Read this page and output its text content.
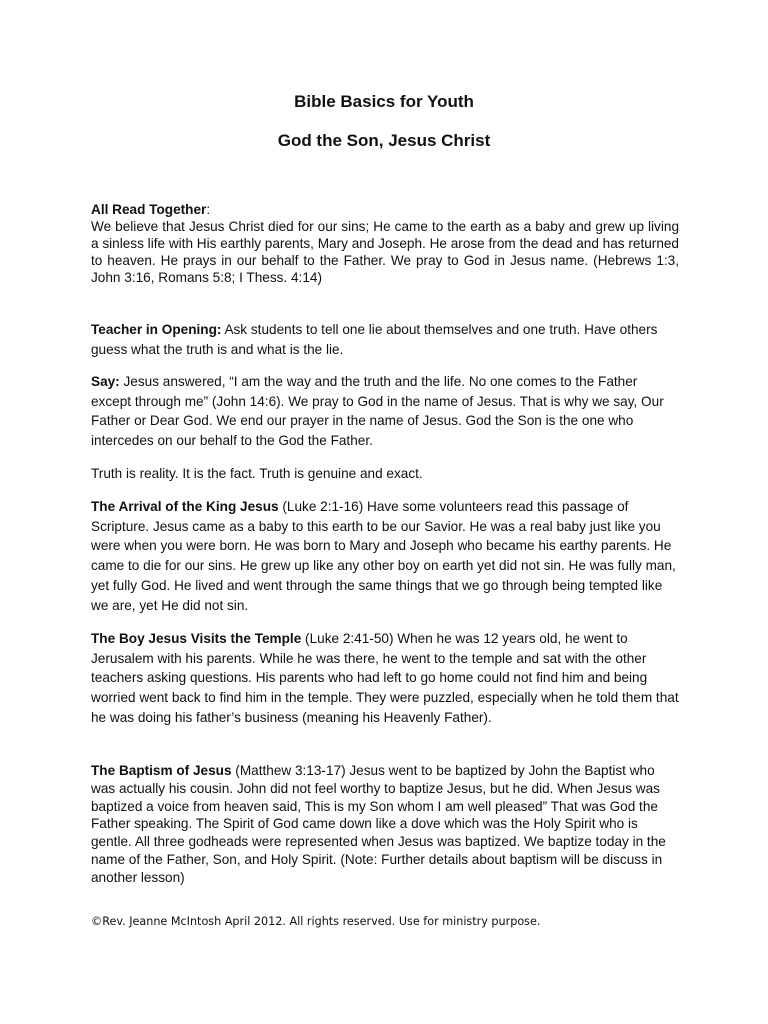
Bible Basics for Youth
God the Son, Jesus Christ

All Read Together:
We believe that Jesus Christ died for our sins; He came to the earth as a baby and grew up living a sinless life with His earthly parents, Mary and Joseph. He arose from the dead and has returned to heaven. He prays in our behalf to the Father. We pray to God in Jesus name. (Hebrews 1:3, John 3:16, Romans 5:8; I Thess. 4:14)

Teacher in Opening: Ask students to tell one lie about themselves and one truth. Have others guess what the truth is and what is the lie.

Say: Jesus answered, “I am the way and the truth and the life. No one comes to the Father except through me” (John 14:6). We pray to God in the name of Jesus. That is why we say, Our Father or Dear God. We end our prayer in the name of Jesus. God the Son is the one who intercedes on our behalf to the God the Father.

Truth is reality. It is the fact. Truth is genuine and exact.

The Arrival of the King Jesus (Luke 2:1-16) Have some volunteers read this passage of Scripture. Jesus came as a baby to this earth to be our Savior. He was a real baby just like you were when you were born. He was born to Mary and Joseph who became his earthy parents. He came to die for our sins. He grew up like any other boy on earth yet did not sin. He was fully man, yet fully God. He lived and went through the same things that we go through being tempted like we are, yet He did not sin.

The Boy Jesus Visits the Temple (Luke 2:41-50) When he was 12 years old, he went to Jerusalem with his parents. While he was there, he went to the temple and sat with the other teachers asking questions. His parents who had left to go home could not find him and being worried went back to find him in the temple. They were puzzled, especially when he told them that he was doing his father’s business (meaning his Heavenly Father).

The Baptism of Jesus (Matthew 3:13-17) Jesus went to be baptized by John the Baptist who was actually his cousin. John did not feel worthy to baptize Jesus, but he did. When Jesus was baptized a voice from heaven said, This is my Son whom I am well pleased” That was God the Father speaking. The Spirit of God came down like a dove which was the Holy Spirit who is gentle. All three godheads were represented when Jesus was baptized. We baptize today in the name of the Father, Son, and Holy Spirit. (Note: Further details about baptism will be discuss in another lesson)

©Rev. Jeanne McIntosh April 2012. All rights reserved. Use for ministry purpose.
